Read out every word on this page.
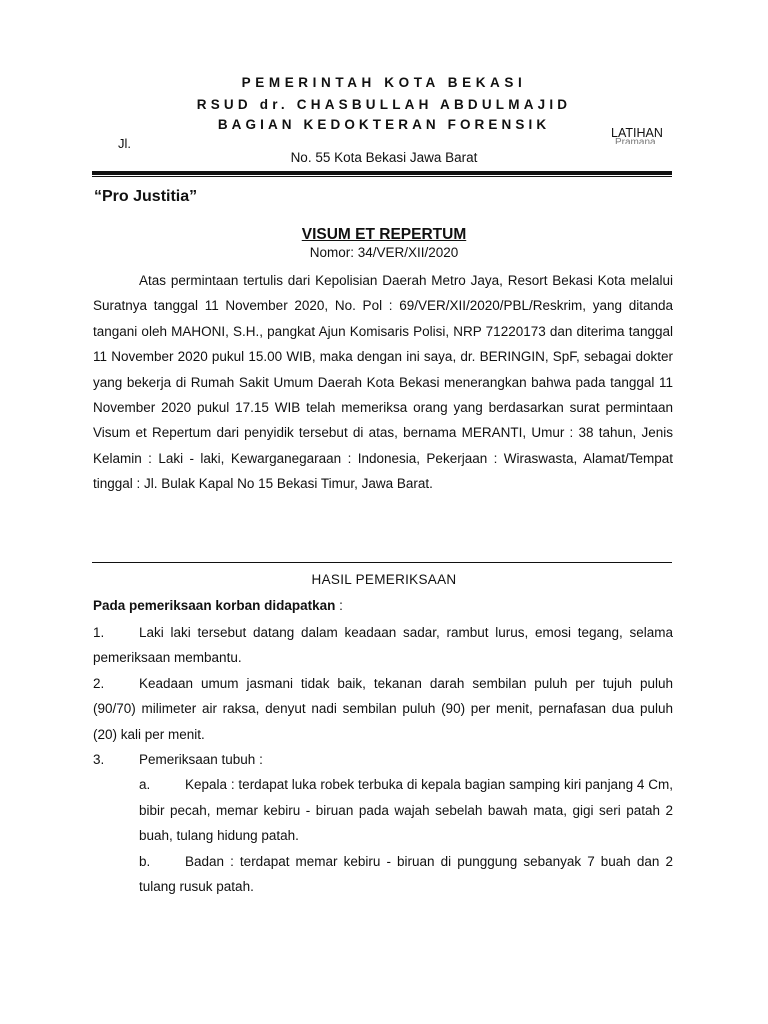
PEMERINTAH KOTA BEKASI
RSUD dr. CHASBULLAH ABDULMAJID
BAGIAN KEDOKTERAN FORENSIK
Jl.
LATIHAN
Pramana
No. 55 Kota Bekasi Jawa Barat
“Pro Justitia”
VISUM ET REPERTUM
Nomor: 34/VER/XII/2020

Atas permintaan tertulis dari Kepolisian Daerah Metro Jaya, Resort Bekasi Kota melalui Suratnya tanggal 11 November 2020, No. Pol : 69/VER/XII/2020/PBL/Reskrim, yang ditanda tangani oleh MAHONI, S.H., pangkat Ajun Komisaris Polisi, NRP 71220173 dan diterima tanggal 11 November 2020 pukul 15.00 WIB, maka dengan ini saya, dr. BERINGIN, SpF, sebagai dokter yang bekerja di Rumah Sakit Umum Daerah Kota Bekasi menerangkan bahwa pada tanggal 11 November 2020 pukul 17.15 WIB telah memeriksa orang yang berdasarkan surat permintaan Visum et Repertum dari penyidik tersebut di atas, bernama MERANTI, Umur : 38 tahun, Jenis Kelamin : Laki - laki, Kewarganegaraan : Indonesia, Pekerjaan : Wiraswasta, Alamat/Tempat tinggal : Jl. Bulak Kapal No 15 Bekasi Timur, Jawa Barat.

HASIL PEMERIKSAAN
Pada pemeriksaan korban didapatkan :
1.	Laki laki tersebut datang dalam keadaan sadar, rambut lurus, emosi tegang, selama pemeriksaan membantu.
2.	Keadaan umum jasmani tidak baik, tekanan darah sembilan puluh per tujuh puluh (90/70) milimeter air raksa, denyut nadi sembilan puluh (90) per menit, pernafasan dua puluh (20) kali per menit.
3.	Pemeriksaan tubuh :
a.	Kepala : terdapat luka robek terbuka di kepala bagian samping kiri panjang 4 Cm, bibir pecah, memar kebiru - biruan pada wajah sebelah bawah mata, gigi seri patah 2 buah, tulang hidung patah.
b.	Badan : terdapat memar kebiru - biruan di punggung sebanyak 7 buah dan 2 tulang rusuk patah.
